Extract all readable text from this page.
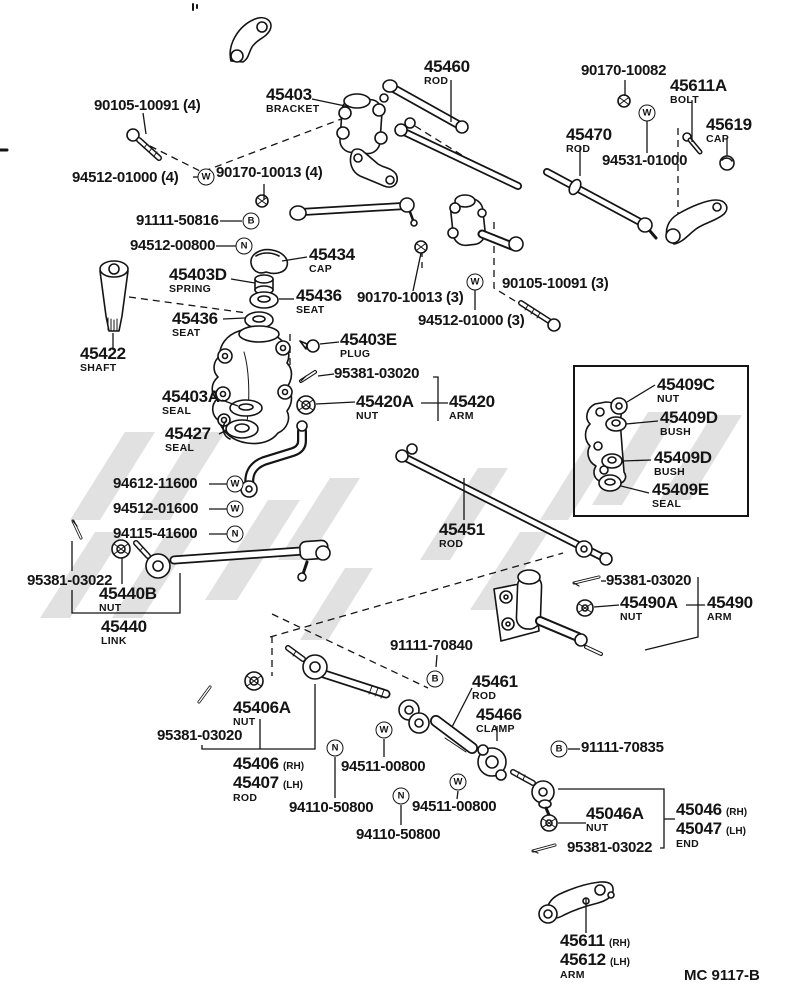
90105-10091 (4)
45403
BRACKET
45460
ROD
90170-10082
45611A
BOLT
45619
CAP
45470
ROD
94531-01000
94512-01000 (4)	90170-10013 (4)
91111-50816
94512-00800	45434
CAP
45403D
SPRING	45436
SEAT
45436
SEAT
45422
SHAFT
45403E
PLUG
90170-10013 (3)
90105-10091 (3)
94512-01000 (3)
95381-03020
45420A
NUT
45420
ARM
45409C
NUT
45409D
BUSH
45409D
BUSH
45409E
SEAL
45403A
SEAL
45427
SEAL
94612-11600
94512-01600
94115-41600
95381-03022
45440B
NUT
45440
LINK
45451
ROD
95381-03020
45490A
NUT
45490
ARM
91111-70840
45461
ROD
45466
CLAMP
45406A
NUT
95381-03020
45406 (RH)
45407 (LH)
ROD
94511-00800
94110-50800	94511-00800
94110-50800
91111-70835
45046A
NUT
45046 (RH)
45047 (LH)
END
95381-03022
45611 (RH)
45612 (LH)
ARM	MC 9117-B
W
B
N
W
W
W
W
N
B
W
N
W
N
B
